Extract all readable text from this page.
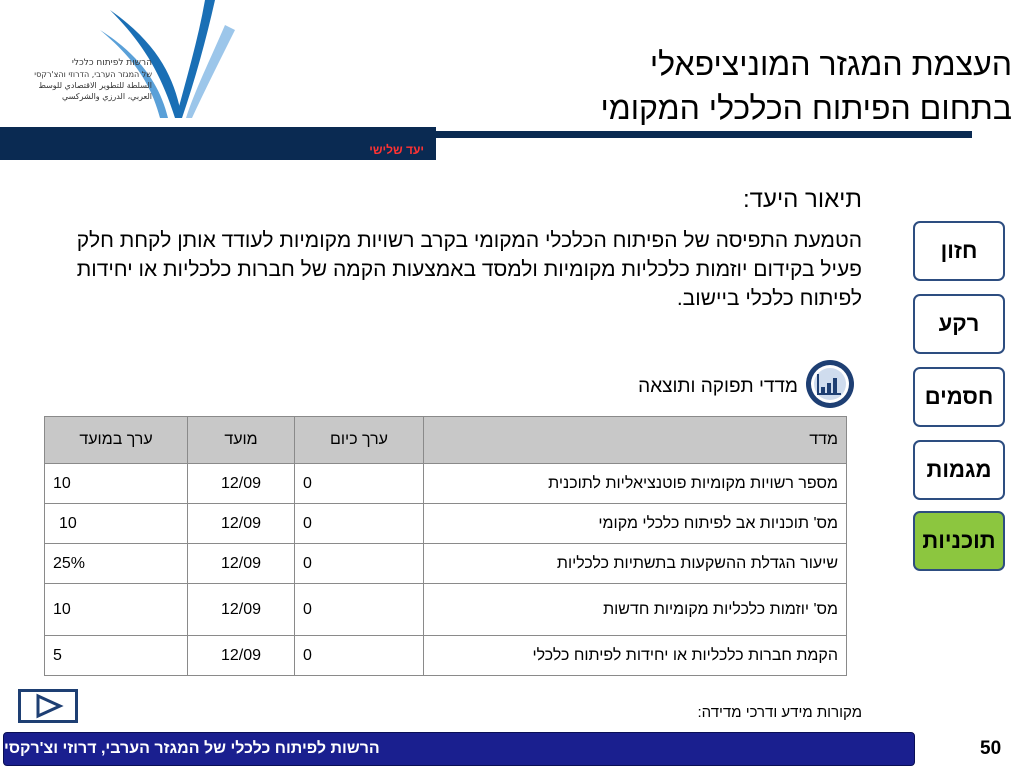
הרשות לפיתוח כלכלי
של המגזר הערבי, הדרוזי והצ'רקסי
السلطة للتطوير الاقتصادي للوسط
العربي، الدرزي والشركسي
העצמת המגזר המוניציפאלי
בתחום הפיתוח הכלכלי המקומי
יעד שלישי
תיאור היעד:
הטמעת התפיסה של הפיתוח הכלכלי המקומי בקרב רשויות מקומיות לעודד אותן לקחת חלק פעיל בקידום יוזמות כלכליות מקומיות ולמסד באמצעות הקמה של חברות כלכליות או יחידות לפיתוח כלכלי ביישוב.
חזון
רקע
חסמים
מגמות
תוכניות
מדדי תפוקה ותוצאה
מדד	ערך כיום	מועד	ערך במועד
מספר רשויות מקומיות פוטנציאליות לתוכנית	0	12/09	10
מס' תוכניות אב לפיתוח כלכלי מקומי	0	12/09	10
שיעור הגדלת ההשקעות בתשתיות כלכליות	0	12/09	25%
מס' יוזמות כלכליות מקומיות חדשות	0	12/09	10
הקמת חברות כלכליות או יחידות לפיתוח כלכלי	0	12/09	5
מקורות מידע ודרכי מדידה:
הרשות לפיתוח כלכלי של המגזר הערבי, דרוזי וצ'רקסי	50
